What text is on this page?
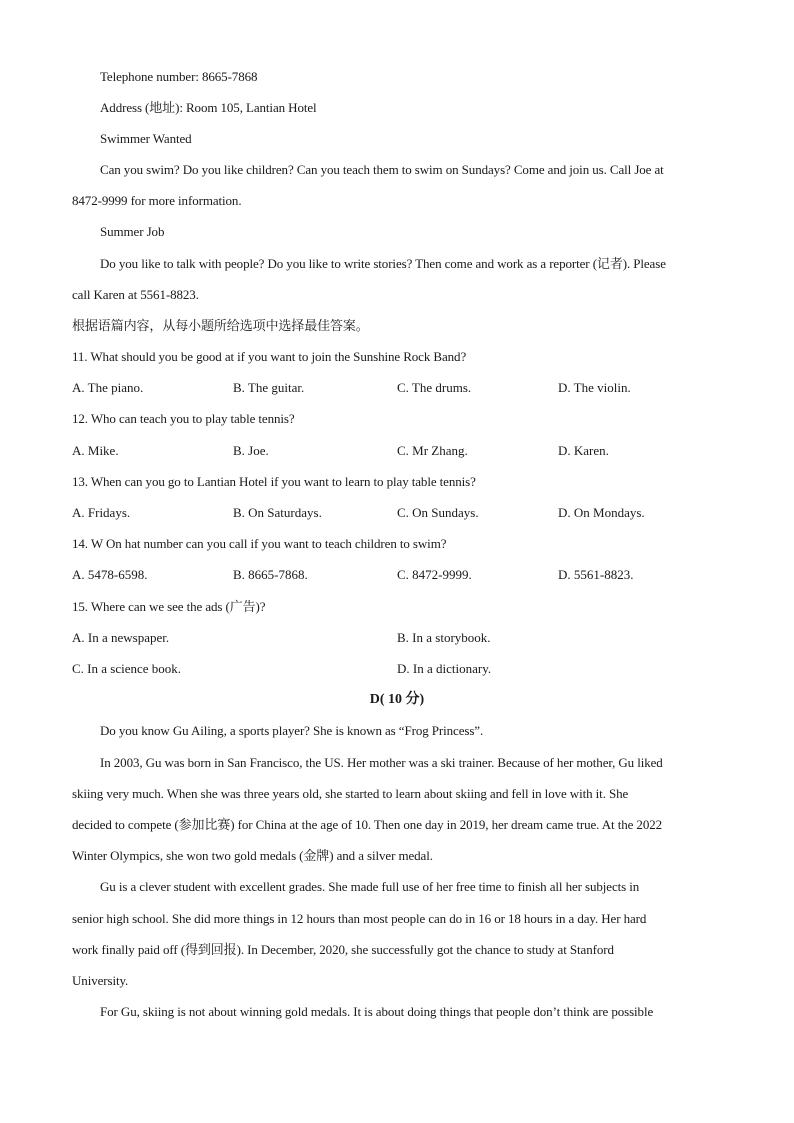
Telephone number: 8665-7868
Address (地址): Room 105, Lantian Hotel
Swimmer Wanted
Can you swim? Do you like children? Can you teach them to swim on Sundays? Come and join us. Call Joe at
8472-9999 for more information.
Summer Job
Do you like to talk with people? Do you like to write stories? Then come and work as a reporter (记者). Please
call Karen at 5561-8823.
根据语篇内容，从每小题所给选项中选择最佳答案。
11. What should you be good at if you want to join the Sunshine Rock Band?
A. The piano.	B. The guitar.	C. The drums.	D. The violin.
12. Who can teach you to play table tennis?
A. Mike.	B. Joe.	C. Mr Zhang.	D. Karen.
13. When can you go to Lantian Hotel if you want to learn to play table tennis?
A. Fridays.	B. On Saturdays.	C. On Sundays.	D. On Mondays.
14. W On hat number can you call if you want to teach children to swim?
A. 5478-6598.	B. 8665-7868.	C. 8472-9999.	D. 5561-8823.
15. Where can we see the ads (广告)?
A. In a newspaper.	B. In a storybook.
C. In a science book.	D. In a dictionary.
D( 10 分)
Do you know Gu Ailing, a sports player? She is known as “Frog Princess”.
In 2003, Gu was born in San Francisco, the US. Her mother was a ski trainer. Because of her mother, Gu liked
skiing very much. When she was three years old, she started to learn about skiing and fell in love with it. She
decided to compete (参加比赛) for China at the age of 10. Then one day in 2019, her dream came true. At the 2022
Winter Olympics, she won two gold medals (金牌) and a silver medal.
Gu is a clever student with excellent grades. She made full use of her free time to finish all her subjects in
senior high school. She did more things in 12 hours than most people can do in 16 or 18 hours in a day. Her hard
work finally paid off (得到回报). In December, 2020, she successfully got the chance to study at Stanford
University.
For Gu, skiing is not about winning gold medals. It is about doing things that people don’t think are possible
